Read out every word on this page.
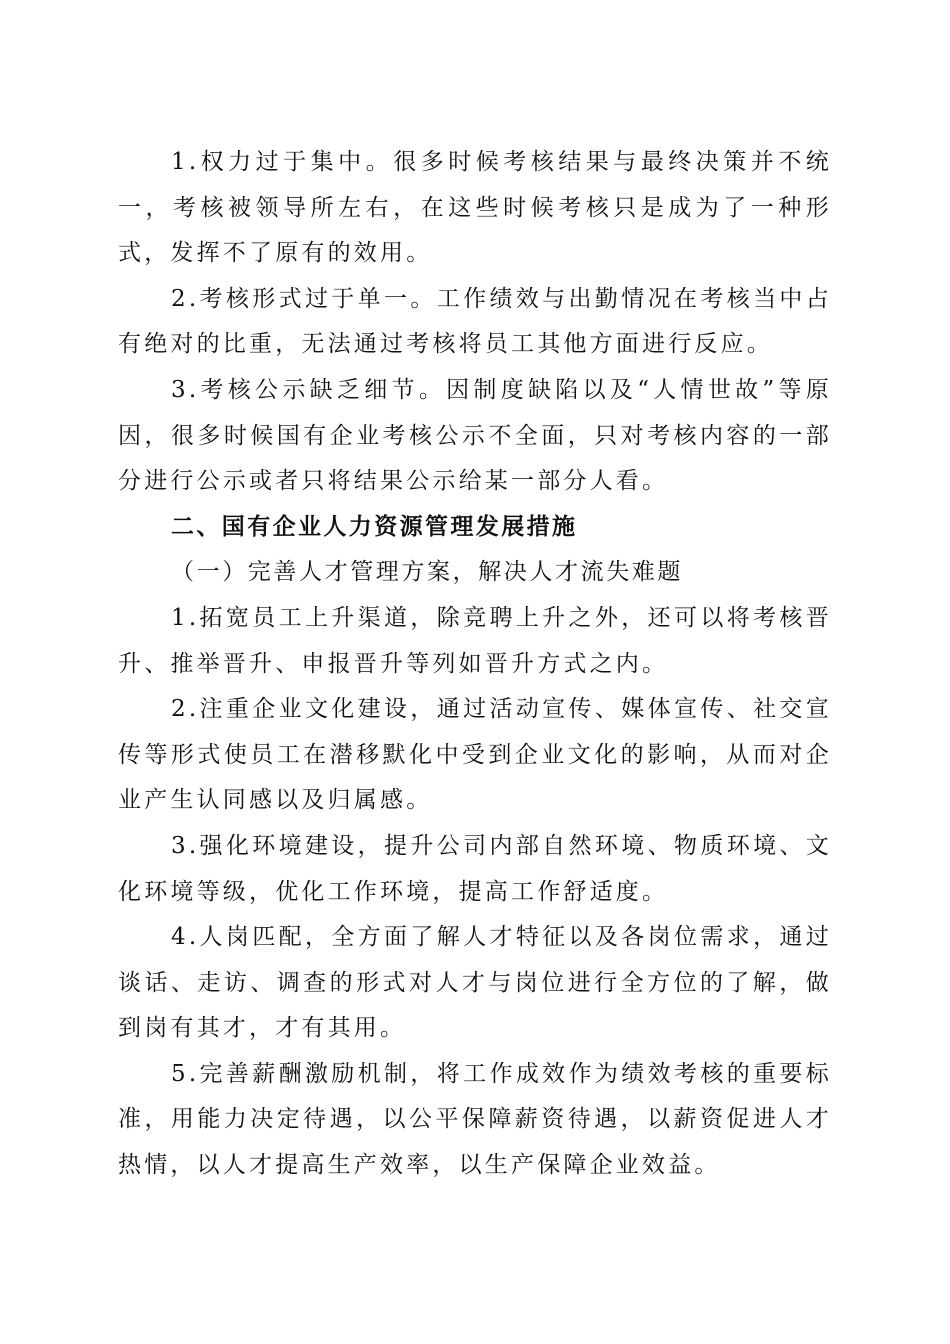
1.权力过于集中。很多时候考核结果与最终决策并不统一，考核被领导所左右，在这些时候考核只是成为了一种形式，发挥不了原有的效用。

2.考核形式过于单一。工作绩效与出勤情况在考核当中占有绝对的比重，无法通过考核将员工其他方面进行反应。

3.考核公示缺乏细节。因制度缺陷以及“人情世故”等原因，很多时候国有企业考核公示不全面，只对考核内容的一部分进行公示或者只将结果公示给某一部分人看。

二、国有企业人力资源管理发展措施

（一）完善人才管理方案，解决人才流失难题

1.拓宽员工上升渠道，除竞聘上升之外，还可以将考核晋升、推举晋升、申报晋升等列如晋升方式之内。

2.注重企业文化建设，通过活动宣传、媒体宣传、社交宣传等形式使员工在潜移默化中受到企业文化的影响，从而对企业产生认同感以及归属感。

3.强化环境建设，提升公司内部自然环境、物质环境、文化环境等级，优化工作环境，提高工作舒适度。

4.人岗匹配，全方面了解人才特征以及各岗位需求，通过谈话、走访、调查的形式对人才与岗位进行全方位的了解，做到岗有其才，才有其用。

5.完善薪酬激励机制，将工作成效作为绩效考核的重要标准，用能力决定待遇，以公平保障薪资待遇，以薪资促进人才热情，以人才提高生产效率，以生产保障企业效益。
